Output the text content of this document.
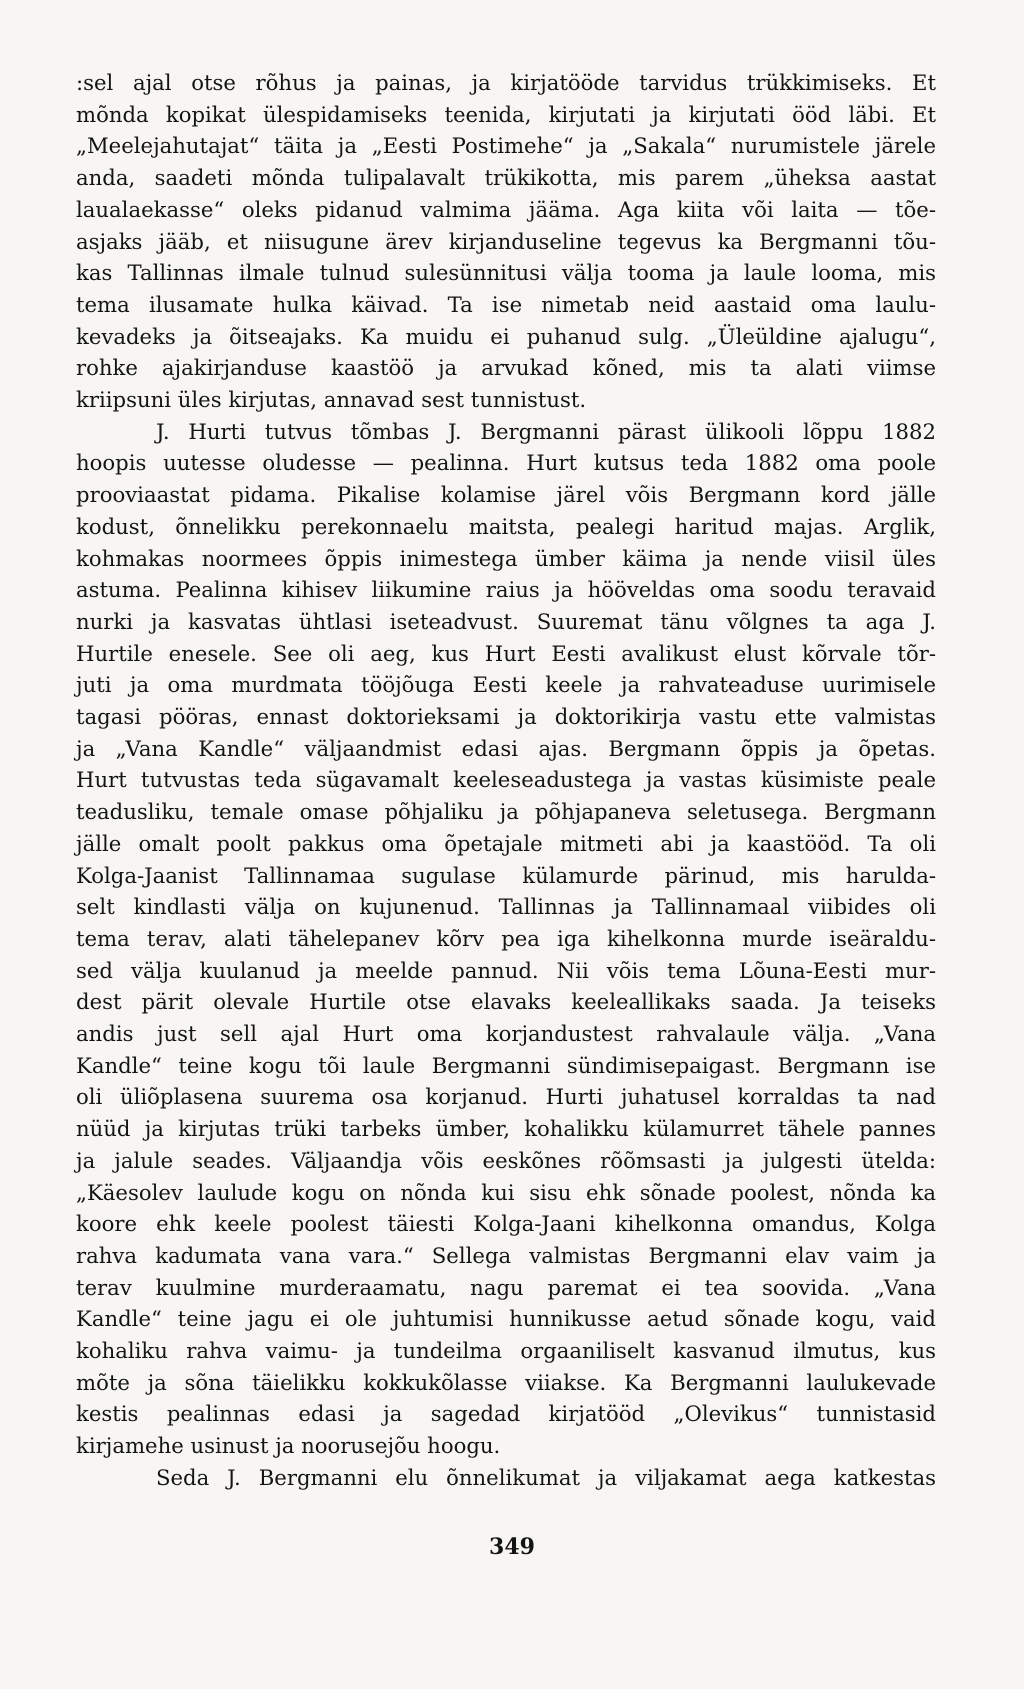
:sel ajal otse rõhus ja painas, ja kirjatööde tarvidus trükkimiseks. Et
mõnda kopikat ülespidamiseks teenida, kirjutati ja kirjutati ööd läbi. Et
„Meelejahutajat“ täita ja „Eesti Postimehe“ ja „Sakala“ nurumistele järele
anda, saadeti mõnda tulipalavalt trükikotta, mis parem „üheksa aastat
laualaekasse“ oleks pidanud valmima jääma. Aga kiita või laita — tõe-
asjaks jääb, et niisugune ärev kirjanduseline tegevus ka Bergmanni tõu-
kas Tallinnas ilmale tulnud sulesünnitusi välja tooma ja laule looma, mis
tema ilusamate hulka käivad. Ta ise nimetab neid aastaid oma laulu-
kevadeks ja õitseajaks. Ka muidu ei puhanud sulg. „Üleüldine ajalugu“,
rohke ajakirjanduse kaastöö ja arvukad kõned, mis ta alati viimse
kriipsuni üles kirjutas, annavad sest tunnistust.
J. Hurti tutvus tõmbas J. Bergmanni pärast ülikooli lõppu 1882
hoopis uutesse oludesse — pealinna. Hurt kutsus teda 1882 oma poole
prooviaastat pidama. Pikalise kolamise järel võis Bergmann kord jälle
kodust, õnnelikku perekonnaelu maitsta, pealegi haritud majas. Arglik,
kohmakas noormees õppis inimestega ümber käima ja nende viisil üles
astuma. Pealinna kihisev liikumine raius ja hööveldas oma soodu teravaid
nurki ja kasvatas ühtlasi iseteadvust. Suuremat tänu võlgnes ta aga J.
Hurtile enesele. See oli aeg, kus Hurt Eesti avalikust elust kõrvale tõr-
juti ja oma murdmata tööjõuga Eesti keele ja rahvateaduse uurimisele
tagasi pööras, ennast doktorieksami ja doktorikirja vastu ette valmistas
ja „Vana Kandle“ väljaandmist edasi ajas. Bergmann õppis ja õpetas.
Hurt tutvustas teda sügavamalt keeleseadustega ja vastas küsimiste peale
teadusliku, temale omase põhjaliku ja põhjapaneva seletusega. Bergmann
jälle omalt poolt pakkus oma õpetajale mitmeti abi ja kaastööd. Ta oli
Kolga-Jaanist Tallinnamaa sugulase külamurde pärinud, mis harulda-
selt kindlasti välja on kujunenud. Tallinnas ja Tallinnamaal viibides oli
tema terav, alati tähelepanev kõrv pea iga kihelkonna murde iseäraldu-
sed välja kuulanud ja meelde pannud. Nii võis tema Lõuna-Eesti mur-
dest pärit olevale Hurtile otse elavaks keeleallikaks saada. Ja teiseks
andis just sell ajal Hurt oma korjandustest rahvalaule välja. „Vana
Kandle“ teine kogu tõi laule Bergmanni sündimisepaigast. Bergmann ise
oli üliõplasena suurema osa korjanud. Hurti juhatusel korraldas ta nad
nüüd ja kirjutas trüki tarbeks ümber, kohalikku külamurret tähele pannes
ja jalule seades. Väljaandja võis eeskõnes rõõmsasti ja julgesti ütelda:
„Käesolev laulude kogu on nõnda kui sisu ehk sõnade poolest, nõnda ka
koore ehk keele poolest täiesti Kolga-Jaani kihelkonna omandus, Kolga
rahva kadumata vana vara.“ Sellega valmistas Bergmanni elav vaim ja
terav kuulmine murderaamatu, nagu paremat ei tea soovida. „Vana
Kandle“ teine jagu ei ole juhtumisi hunnikusse aetud sõnade kogu, vaid
kohaliku rahva vaimu- ja tundeilma orgaaniliselt kasvanud ilmutus, kus
mõte ja sõna täielikku kokkukõlasse viiakse. Ka Bergmanni laulukevade
kestis pealinnas edasi ja sagedad kirjatööd „Olevikus“ tunnistasid
kirjamehe usinust ja noorusejõu hoogu.
Seda J. Bergmanni elu õnnelikumat ja viljakamat aega katkestas
349
